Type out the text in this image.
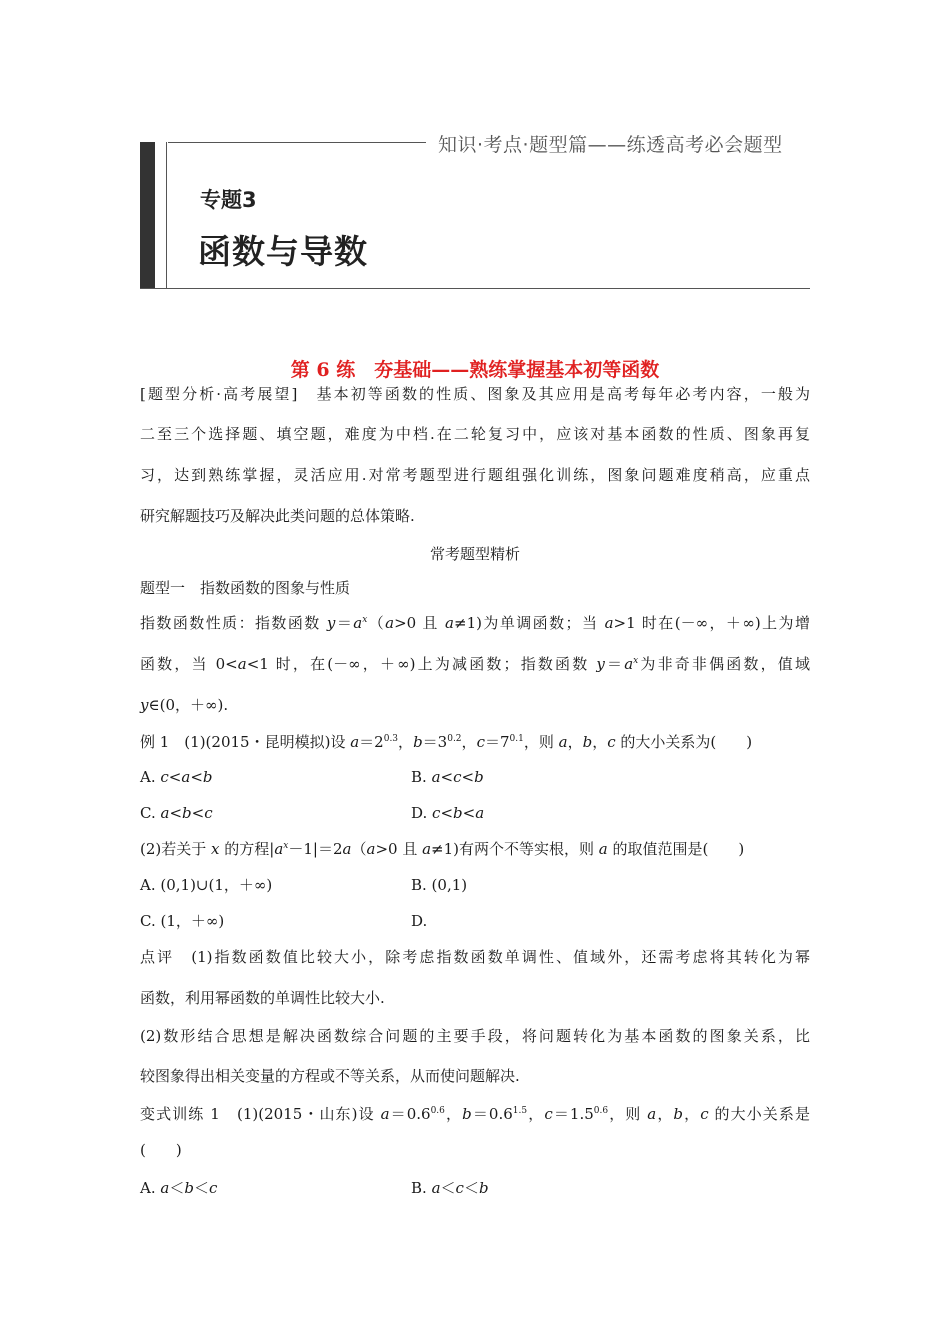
知识·考点·题型篇——练透高考必会题型
专题3
函数与导数
第 6 练　夯基础——熟练掌握基本初等函数
[题型分析·高考展望]　基本初等函数的性质、图象及其应用是高考每年必考内容，一般为
二至三个选择题、填空题，难度为中档.在二轮复习中，应该对基本函数的性质、图象再复
习，达到熟练掌握，灵活应用.对常考题型进行题组强化训练，图象问题难度稍高，应重点
研究解题技巧及解决此类问题的总体策略.
常考题型精析
题型一　指数函数的图象与性质
指数函数性质：指数函数 $y=a^x(a>0$ 且 a≠1)为单调函数；当 a>1 时在(－∞，＋∞)上为增
函数，当 0<a<1 时，在(－∞，＋∞)上为减函数；指数函数 $y=a^x$为非奇非偶函数，值域
y∈(0，＋∞).
例 1　(1)(2015・昆明模拟)设 $a=2^{0.3}$，$b=3^{0.2}$，$c=7^{0.1}$，则 a，b，c 的大小关系为(　　)
A. c<a<b	B. a<c<b
C. a<b<c	D. c<b<a
(2)若关于 x 的方程$|a^x-1|=2a(a>0$ 且 a≠1)有两个不等实根，则 a 的取值范围是(　　)
A. (0,1)∪(1，＋∞)	B. (0,1)
C. (1，＋∞)	D.
点评　(1)指数函数值比较大小，除考虑指数函数单调性、值域外，还需考虑将其转化为幂
函数，利用幂函数的单调性比较大小.
(2)数形结合思想是解决函数综合问题的主要手段，将问题转化为基本函数的图象关系，比
较图象得出相关变量的方程或不等关系，从而使问题解决.
变式训练 1　(1)(2015・山东)设 $a=0.6^{0.6}$，$b=0.6^{1.5}$，$c=1.5^{0.6}$，则 a，b，c 的大小关系是
(　　)
A. a＜b＜c	B. a＜c＜b
